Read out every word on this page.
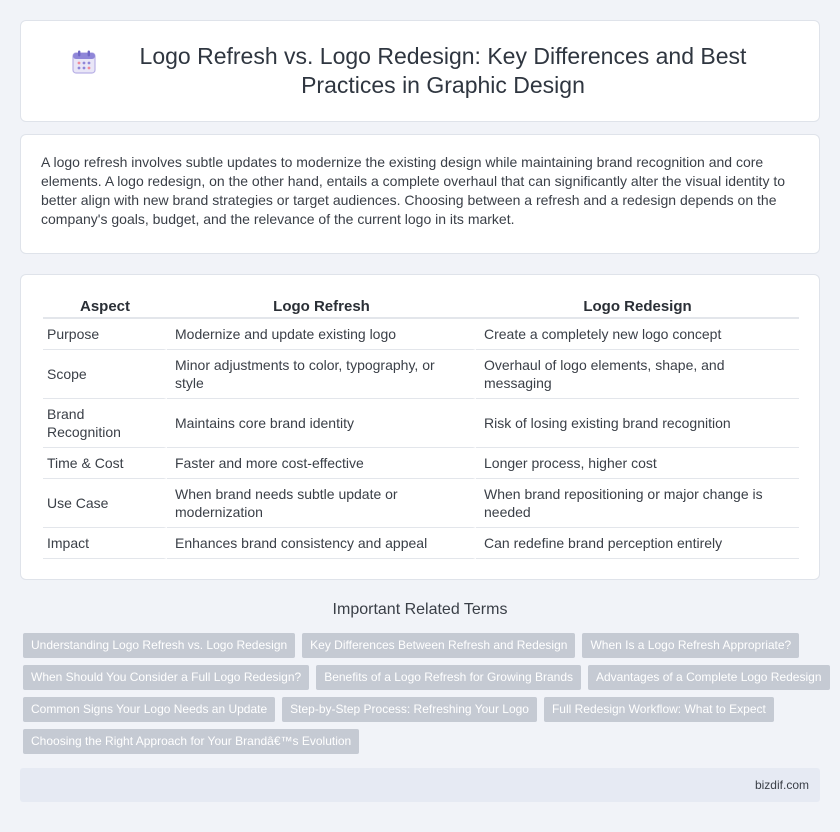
Logo Refresh vs. Logo Redesign: Key Differences and Best Practices in Graphic Design

A logo refresh involves subtle updates to modernize the existing design while maintaining brand recognition and core elements. A logo redesign, on the other hand, entails a complete overhaul that can significantly alter the visual identity to better align with new brand strategies or target audiences. Choosing between a refresh and a redesign depends on the company's goals, budget, and the relevance of the current logo in its market.

Aspect	Logo Refresh	Logo Redesign
Purpose	Modernize and update existing logo	Create a completely new logo concept
Scope	Minor adjustments to color, typography, or style	Overhaul of logo elements, shape, and messaging
Brand Recognition	Maintains core brand identity	Risk of losing existing brand recognition
Time & Cost	Faster and more cost-effective	Longer process, higher cost
Use Case	When brand needs subtle update or modernization	When brand repositioning or major change is needed
Impact	Enhances brand consistency and appeal	Can redefine brand perception entirely
Important Related Terms
Understanding Logo Refresh vs. Logo Redesign	Key Differences Between Refresh and Redesign	When Is a Logo Refresh Appropriate?
When Should You Consider a Full Logo Redesign?	Benefits of a Logo Refresh for Growing Brands	Advantages of a Complete Logo Redesign
Common Signs Your Logo Needs an Update	Step-by-Step Process: Refreshing Your Logo	Full Redesign Workflow: What to Expect
Choosing the Right Approach for Your Brandâ€™s Evolution
bizdif.com
